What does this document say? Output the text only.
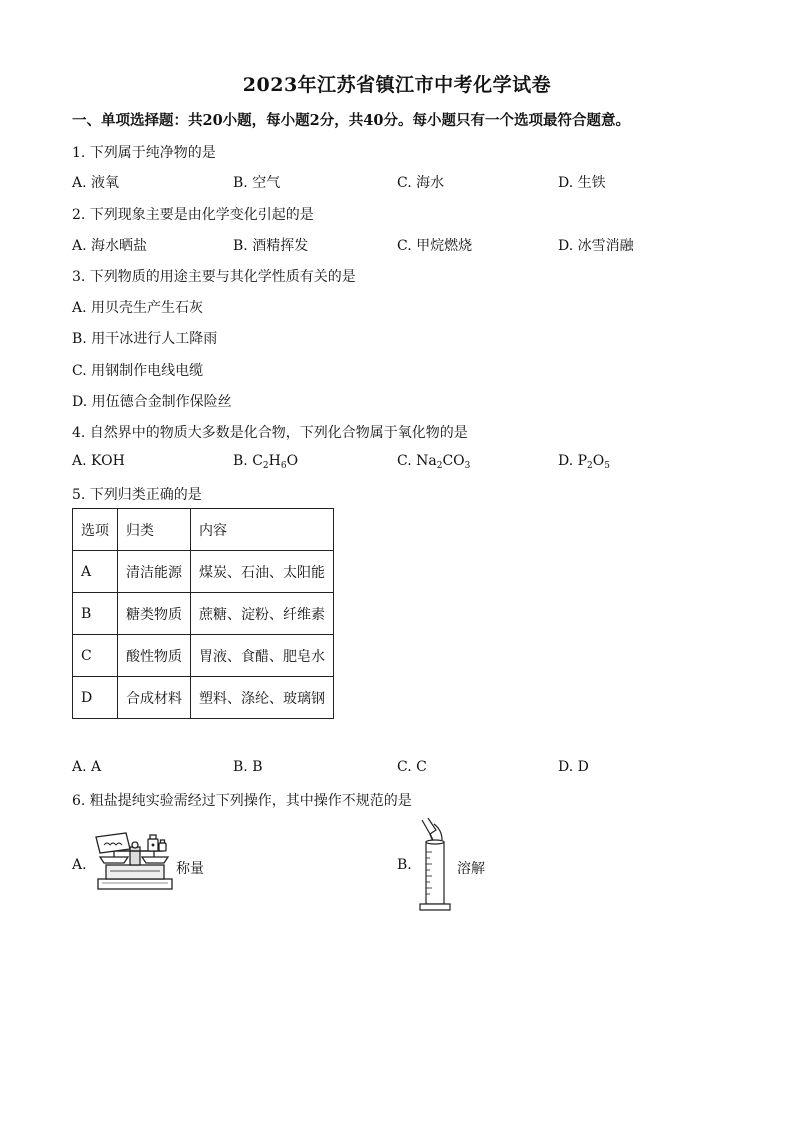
2023年江苏省镇江市中考化学试卷
一、单项选择题：共20小题，每小题2分，共40分。每小题只有一个选项最符合题意。
1. 下列属于纯净物的是
A. 液氧	B. 空气	C. 海水	D. 生铁
2. 下列现象主要是由化学变化引起的是
A. 海水晒盐	B. 酒精挥发	C. 甲烷燃烧	D. 冰雪消融
3. 下列物质的用途主要与其化学性质有关的是
A. 用贝壳生产生石灰
B. 用干冰进行人工降雨
C. 用钢制作电线电缆
D. 用伍德合金制作保险丝
4. 自然界中的物质大多数是化合物，下列化合物属于氧化物的是
A. KOH	B. $C_2H_6O$	C. $Na_2CO_3$	D. $P_2O_5$
5. 下列归类正确的是
选项	归类	内容
A	清洁能源	煤炭、石油、太阳能
B	糖类物质	蔗糖、淀粉、纤维素
C	酸性物质	胃液、食醋、肥皂水
D	合成材料	塑料、涤纶、玻璃钢
A. A	B. B	C. C	D. D
6. 粗盐提纯实验需经过下列操作，其中操作不规范的是
A.	称量	B.	溶解
